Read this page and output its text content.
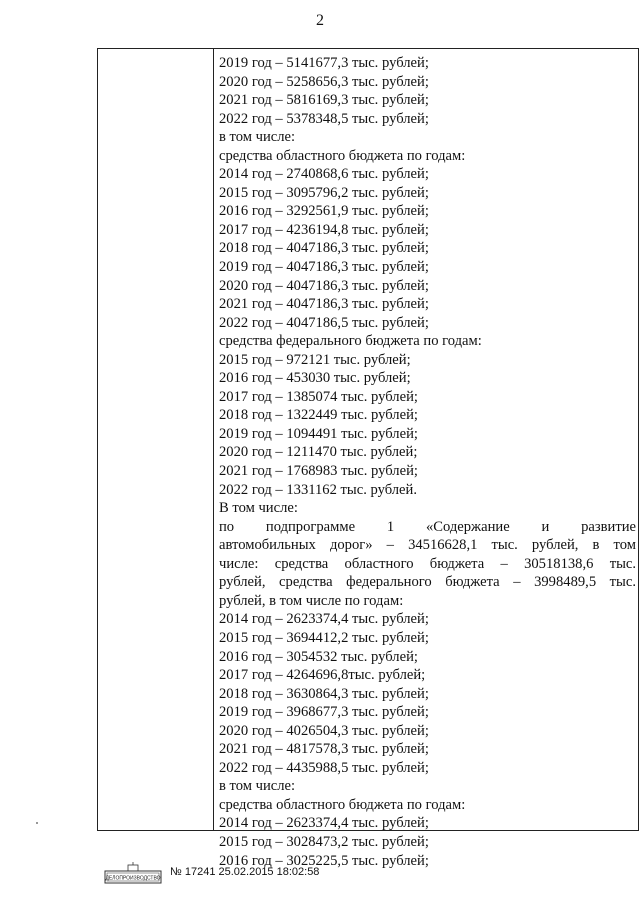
2
2019 год – 5141677,3 тыс. рублей;
2020 год – 5258656,3 тыс. рублей;
2021 год – 5816169,3 тыс. рублей;
2022 год – 5378348,5 тыс. рублей;
в том числе:
средства областного бюджета по годам:
2014 год – 2740868,6 тыс. рублей;
2015 год – 3095796,2 тыс. рублей;
2016 год – 3292561,9 тыс. рублей;
2017 год – 4236194,8 тыс. рублей;
2018 год – 4047186,3 тыс. рублей;
2019 год – 4047186,3 тыс. рублей;
2020 год – 4047186,3 тыс. рублей;
2021 год – 4047186,3 тыс. рублей;
2022 год – 4047186,5 тыс. рублей;
средства федерального бюджета по годам:
2015 год – 972121 тыс. рублей;
2016 год – 453030 тыс. рублей;
2017 год – 1385074 тыс. рублей;
2018 год – 1322449 тыс. рублей;
2019 год – 1094491 тыс. рублей;
2020 год – 1211470 тыс. рублей;
2021 год – 1768983 тыс. рублей;
2022 год – 1331162 тыс. рублей.
В том числе:
по подпрограмме 1 «Содержание и развитие
автомобильных дорог» – 34516628,1 тыс. рублей, в том
числе: средства областного бюджета – 30518138,6 тыс.
рублей, средства федерального бюджета – 3998489,5 тыс.
рублей, в том числе по годам:
2014 год – 2623374,4 тыс. рублей;
2015 год – 3694412,2 тыс. рублей;
2016 год – 3054532 тыс. рублей;
2017 год – 4264696,8тыс. рублей;
2018 год – 3630864,3 тыс. рублей;
2019 год – 3968677,3 тыс. рублей;
2020 год – 4026504,3 тыс. рублей;
2021 год – 4817578,3 тыс. рублей;
2022 год – 4435988,5 тыс. рублей;
в том числе:
средства областного бюджета по годам:
2014 год – 2623374,4 тыс. рублей;
2015 год – 3028473,2 тыс. рублей;
2016 год – 3025225,5 тыс. рублей;
ДЕЛОПРОИЗВОДСТВО
№ 17241 25.02.2015 18:02:58
